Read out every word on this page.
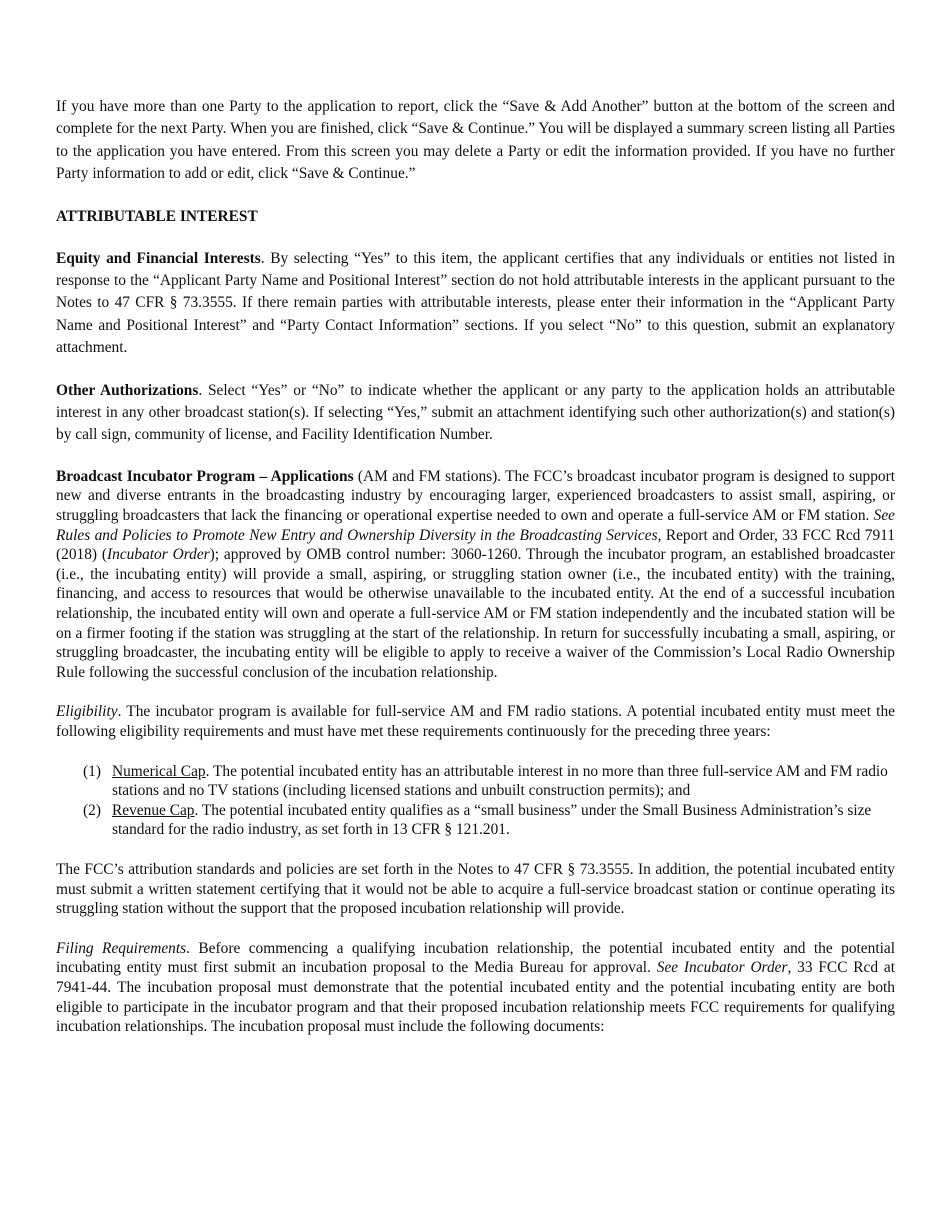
If you have more than one Party to the application to report, click the “Save & Add Another” button at the bottom of the screen and complete for the next Party. When you are finished, click “Save & Continue.” You will be displayed a summary screen listing all Parties to the application you have entered. From this screen you may delete a Party or edit the information provided. If you have no further Party information to add or edit, click “Save & Continue.”

ATTRIBUTABLE INTEREST

Equity and Financial Interests. By selecting “Yes” to this item, the applicant certifies that any individuals or entities not listed in response to the “Applicant Party Name and Positional Interest” section do not hold attributable interests in the applicant pursuant to the Notes to 47 CFR § 73.3555. If there remain parties with attributable interests, please enter their information in the “Applicant Party Name and Positional Interest” and “Party Contact Information” sections. If you select “No” to this question, submit an explanatory attachment.

Other Authorizations. Select “Yes” or “No” to indicate whether the applicant or any party to the application holds an attributable interest in any other broadcast station(s). If selecting “Yes,” submit an attachment identifying such other authorization(s) and station(s) by call sign, community of license, and Facility Identification Number.

Broadcast Incubator Program – Applications (AM and FM stations). The FCC’s broadcast incubator program is designed to support new and diverse entrants in the broadcasting industry by encouraging larger, experienced broadcasters to assist small, aspiring, or struggling broadcasters that lack the financing or operational expertise needed to own and operate a full-service AM or FM station. See Rules and Policies to Promote New Entry and Ownership Diversity in the Broadcasting Services, Report and Order, 33 FCC Rcd 7911 (2018) (Incubator Order); approved by OMB control number: 3060-1260. Through the incubator program, an established broadcaster (i.e., the incubating entity) will provide a small, aspiring, or struggling station owner (i.e., the incubated entity) with the training, financing, and access to resources that would be otherwise unavailable to the incubated entity. At the end of a successful incubation relationship, the incubated entity will own and operate a full-service AM or FM station independently and the incubated station will be on a firmer footing if the station was struggling at the start of the relationship. In return for successfully incubating a small, aspiring, or struggling broadcaster, the incubating entity will be eligible to apply to receive a waiver of the Commission’s Local Radio Ownership Rule following the successful conclusion of the incubation relationship.

Eligibility. The incubator program is available for full-service AM and FM radio stations. A potential incubated entity must meet the following eligibility requirements and must have met these requirements continuously for the preceding three years:

(1) Numerical Cap. The potential incubated entity has an attributable interest in no more than three full-service AM and FM radio stations and no TV stations (including licensed stations and unbuilt construction permits); and
(2) Revenue Cap. The potential incubated entity qualifies as a “small business” under the Small Business Administration’s size standard for the radio industry, as set forth in 13 CFR § 121.201.

The FCC’s attribution standards and policies are set forth in the Notes to 47 CFR § 73.3555. In addition, the potential incubated entity must submit a written statement certifying that it would not be able to acquire a full-service broadcast station or continue operating its struggling station without the support that the proposed incubation relationship will provide.

Filing Requirements. Before commencing a qualifying incubation relationship, the potential incubated entity and the potential incubating entity must first submit an incubation proposal to the Media Bureau for approval. See Incubator Order, 33 FCC Rcd at 7941-44. The incubation proposal must demonstrate that the potential incubated entity and the potential incubating entity are both eligible to participate in the incubator program and that their proposed incubation relationship meets FCC requirements for qualifying incubation relationships. The incubation proposal must include the following documents:
